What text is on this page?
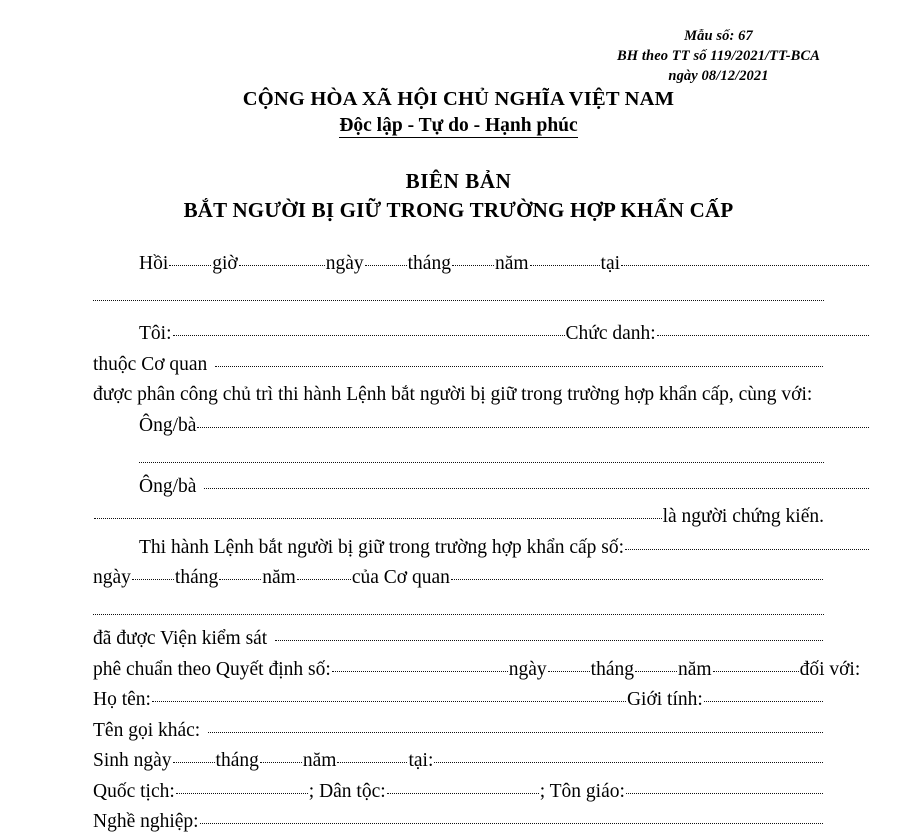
Mẫu số: 67
BH theo TT số 119/2021/TT-BCA
ngày 08/12/2021
CỘNG HÒA XÃ HỘI CHỦ NGHĨA VIỆT NAM
Độc lập - Tự do - Hạnh phúc
BIÊN BẢN
BẮT NGƯỜI BỊ GIỮ TRONG TRƯỜNG HỢP KHẨN CẤP
Hồi giờ	ngày tháng năm	tại
Tôi:	Chức danh:
thuộc Cơ quan
được phân công chủ trì thi hành Lệnh bắt người bị giữ trong trường hợp khẩn cấp, cùng với:
Ông/bà
Ông/bà
là người chứng kiến.
Thi hành Lệnh bắt người bị giữ trong trường hợp khẩn cấp số:
ngày tháng năm	của Cơ quan
đã được Viện kiểm sát
phê chuẩn theo Quyết định số:	ngày tháng năm	đối với:
Họ tên:	Giới tính:
Tên gọi khác:
Sinh ngày tháng năm	tại:
Quốc tịch:	; Dân tộc:	; Tôn giáo:
Nghề nghiệp:
